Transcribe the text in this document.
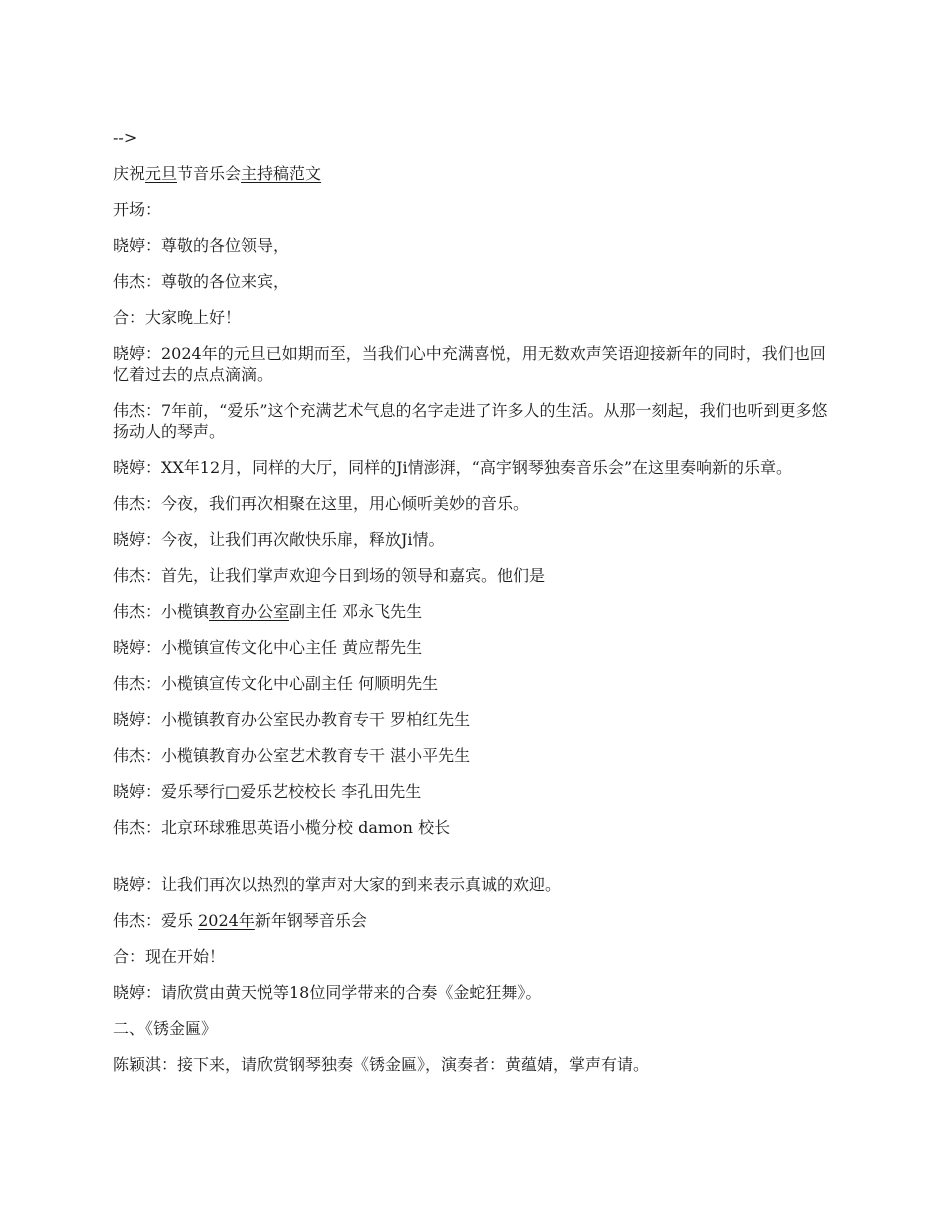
-->

庆祝元旦节音乐会主持稿范文

开场：

晓婷：尊敬的各位领导，

伟杰：尊敬的各位来宾，

合：大家晚上好！

晓婷：2024年的元旦已如期而至，当我们心中充满喜悦，用无数欢声笑语迎接新年的同时，我们也回忆着过去的点点滴滴。

伟杰：7年前，“爱乐”这个充满艺术气息的名字走进了许多人的生活。从那一刻起，我们也听到更多悠扬动人的琴声。

晓婷：XX年12月，同样的大厅，同样的Ji情澎湃，“高宇钢琴独奏音乐会”在这里奏响新的乐章。

伟杰：今夜，我们再次相聚在这里，用心倾听美妙的音乐。

晓婷：今夜，让我们再次敞快乐扉，释放Ji情。

伟杰：首先，让我们掌声欢迎今日到场的领导和嘉宾。他们是

伟杰：小榄镇教育办公室副主任 邓永飞先生

晓婷：小榄镇宣传文化中心主任 黄应帮先生

伟杰：小榄镇宣传文化中心副主任 何顺明先生

晓婷：小榄镇教育办公室民办教育专干 罗柏红先生

伟杰：小榄镇教育办公室艺术教育专干 湛小平先生

晓婷：爱乐琴行□爱乐艺校校长 李孔田先生

伟杰：北京环球雅思英语小榄分校 damon 校长

晓婷：让我们再次以热烈的掌声对大家的到来表示真诚的欢迎。

伟杰：爱乐 2024年新年钢琴音乐会

合：现在开始！

晓婷：请欣赏由黄天悦等18位同学带来的合奏《金蛇狂舞》。

二、《锈金匾》

陈颖淇：接下来，请欣赏钢琴独奏《锈金匾》，演奏者：黄蕴婧，掌声有请。
